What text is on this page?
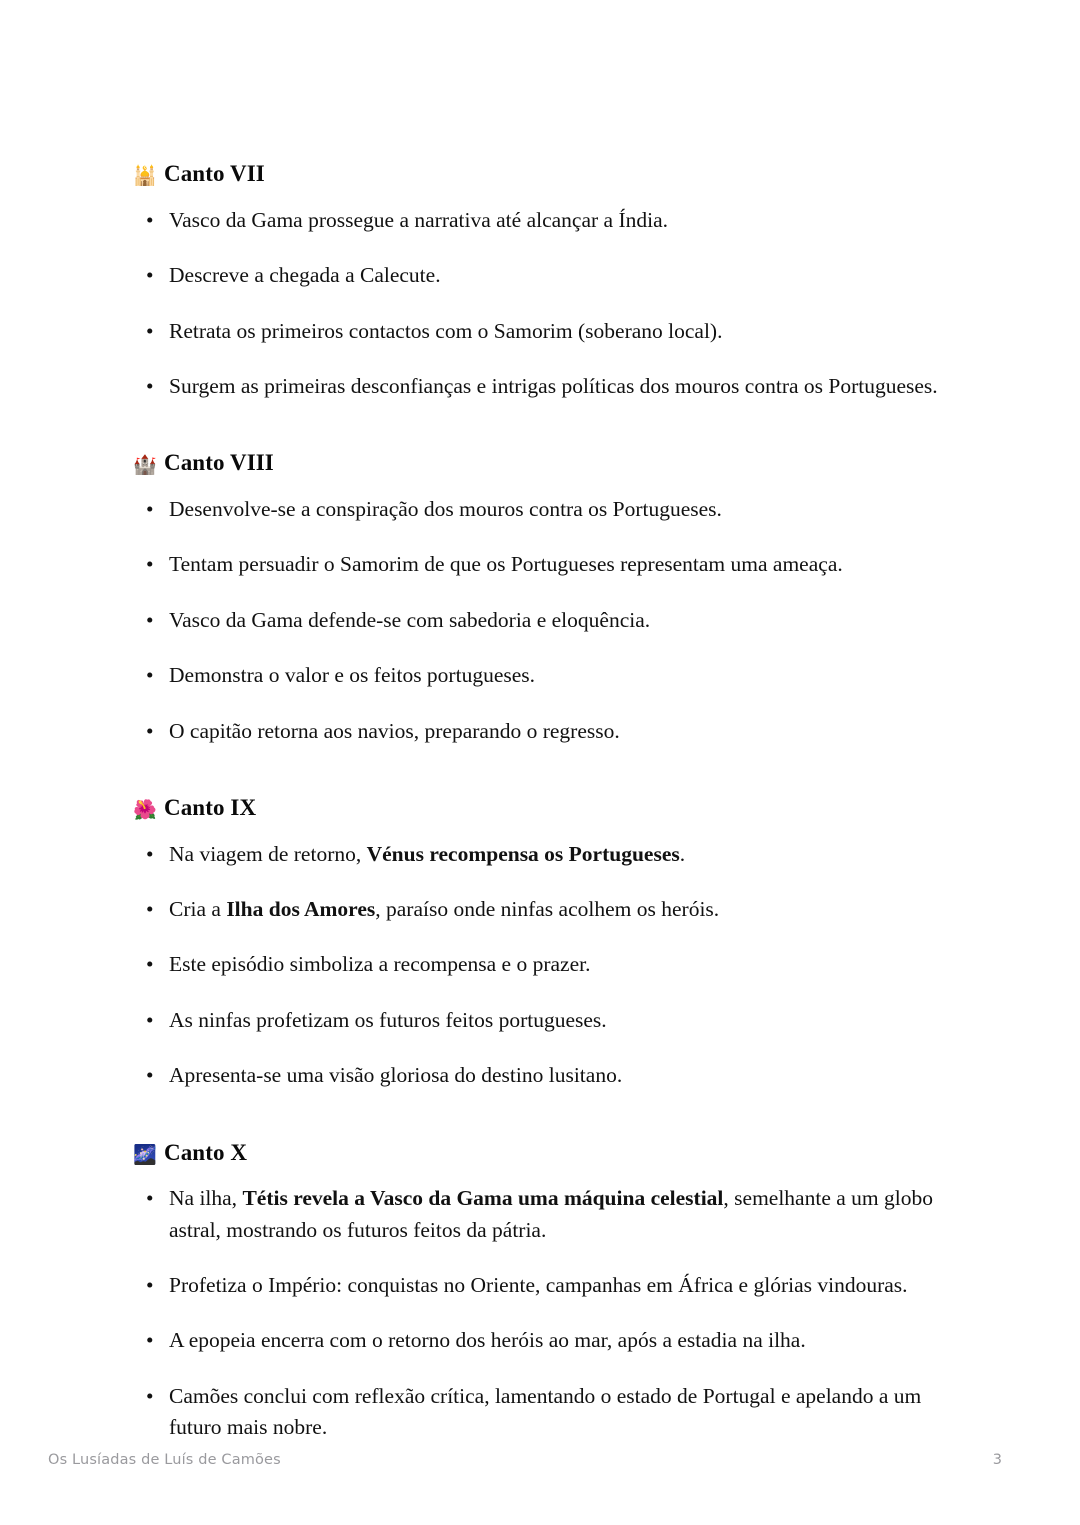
🕌 Canto VII
• Vasco da Gama prossegue a narrativa até alcançar a Índia.
• Descreve a chegada a Calecute.
• Retrata os primeiros contactos com o Samorim (soberano local).
• Surgem as primeiras desconfianças e intrigas políticas dos mouros contra os Portugueses.
🏰 Canto VIII
• Desenvolve-se a conspiração dos mouros contra os Portugueses.
• Tentam persuadir o Samorim de que os Portugueses representam uma ameaça.
• Vasco da Gama defende-se com sabedoria e eloquência.
• Demonstra o valor e os feitos portugueses.
• O capitão retorna aos navios, preparando o regresso.
🌺 Canto IX
• Na viagem de retorno, Vénus recompensa os Portugueses.
• Cria a Ilha dos Amores, paraíso onde ninfas acolhem os heróis.
• Este episódio simboliza a recompensa e o prazer.
• As ninfas profetizam os futuros feitos portugueses.
• Apresenta-se uma visão gloriosa do destino lusitano.
🌌 Canto X
• Na ilha, Tétis revela a Vasco da Gama uma máquina celestial, semelhante a um globo astral, mostrando os futuros feitos da pátria.
• Profetiza o Império: conquistas no Oriente, campanhas em África e glórias vindouras.
• A epopeia encerra com o retorno dos heróis ao mar, após a estadia na ilha.
• Camões conclui com reflexão crítica, lamentando o estado de Portugal e apelando a um futuro mais nobre.
Os Lusíadas de Luís de Camões	3
